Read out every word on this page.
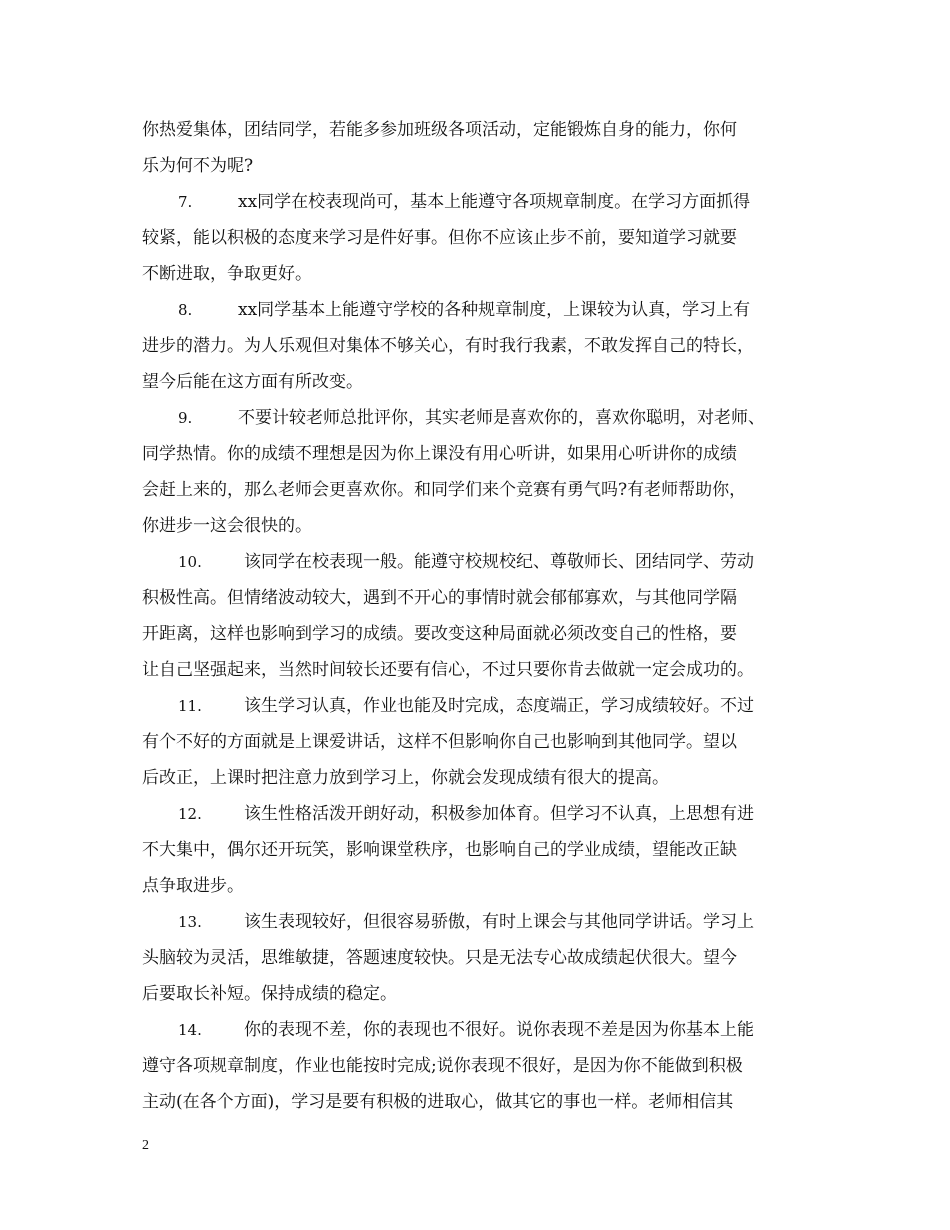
你热爱集体，团结同学，若能多参加班级各项活动，定能锻炼自身的能力，你何
乐为何不为呢?
7.	xx同学在校表现尚可，基本上能遵守各项规章制度。在学习方面抓得
较紧，能以积极的态度来学习是件好事。但你不应该止步不前，要知道学习就要
不断进取，争取更好。
8.	xx同学基本上能遵守学校的各种规章制度，上课较为认真，学习上有
进步的潜力。为人乐观但对集体不够关心，有时我行我素，不敢发挥自己的特长，
望今后能在这方面有所改变。
9.	不要计较老师总批评你，其实老师是喜欢你的，喜欢你聪明，对老师、
同学热情。你的成绩不理想是因为你上课没有用心听讲，如果用心听讲你的成绩
会赶上来的，那么老师会更喜欢你。和同学们来个竞赛有勇气吗?有老师帮助你，
你进步一这会很快的。
10.	该同学在校表现一般。能遵守校规校纪、尊敬师长、团结同学、劳动
积极性高。但情绪波动较大，遇到不开心的事情时就会郁郁寡欢，与其他同学隔
开距离，这样也影响到学习的成绩。要改变这种局面就必须改变自己的性格，要
让自己坚强起来，当然时间较长还要有信心，不过只要你肯去做就一定会成功的。
11.	该生学习认真，作业也能及时完成，态度端正，学习成绩较好。不过
有个不好的方面就是上课爱讲话，这样不但影响你自己也影响到其他同学。望以
后改正，上课时把注意力放到学习上，你就会发现成绩有很大的提高。
12.	该生性格活泼开朗好动，积极参加体育。但学习不认真，上思想有进
不大集中，偶尔还开玩笑，影响课堂秩序，也影响自己的学业成绩，望能改正缺
点争取进步。
13.	该生表现较好，但很容易骄傲，有时上课会与其他同学讲话。学习上
头脑较为灵活，思维敏捷，答题速度较快。只是无法专心故成绩起伏很大。望今
后要取长补短。保持成绩的稳定。
14.	你的表现不差，你的表现也不很好。说你表现不差是因为你基本上能
遵守各项规章制度，作业也能按时完成;说你表现不很好，是因为你不能做到积极
主动(在各个方面)，学习是要有积极的进取心，做其它的事也一样。老师相信其
2
